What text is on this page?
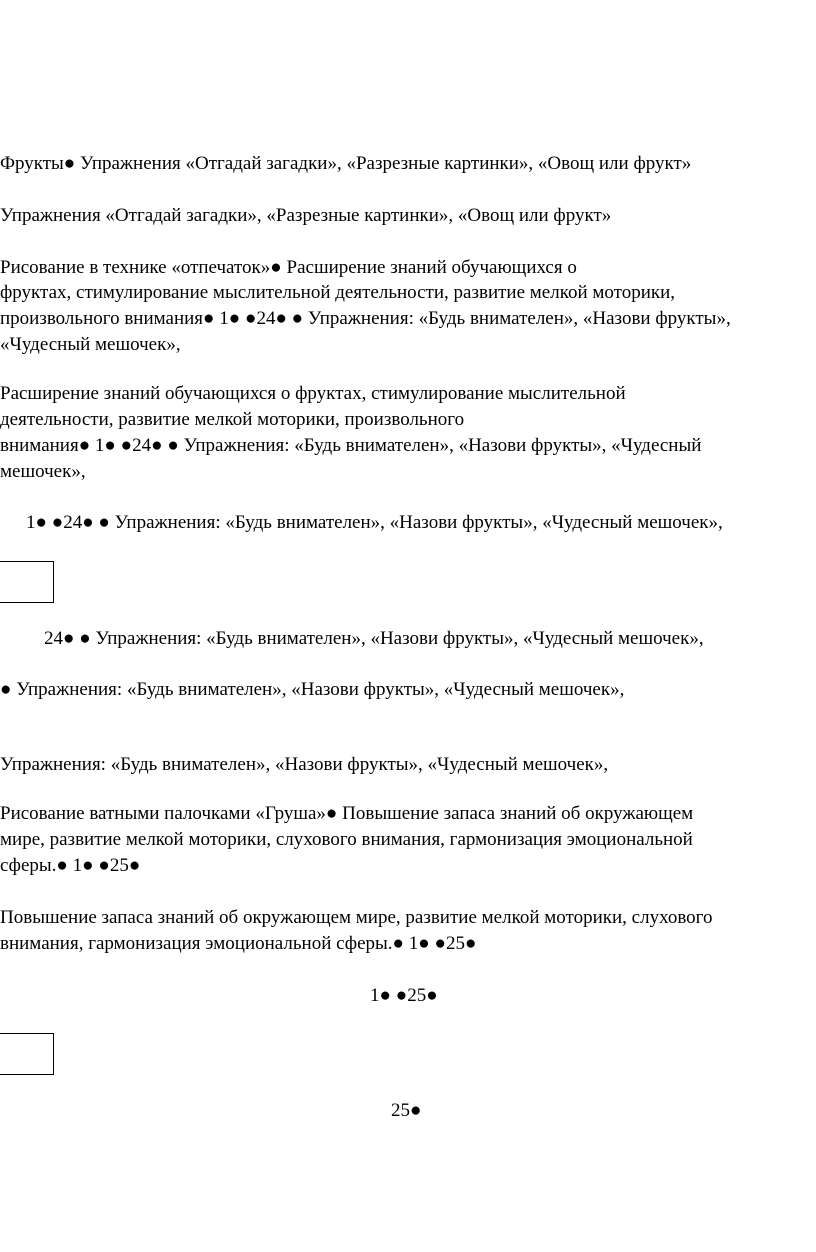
Фрукты● Упражнения «Отгадай загадки», «Разрезные картинки», «Овощ или фрукт»
Упражнения «Отгадай загадки», «Разрезные картинки», «Овощ или фрукт»
Рисование в технике «отпечаток»● Расширение знаний обучающихся о
фруктах, стимулирование мыслительной деятельности, развитие мелкой моторики,
произвольного внимания● 1● ●24● ● Упражнения: «Будь внимателен», «Назови фрукты»,
«Чудесный мешочек»,
Расширение знаний обучающихся о фруктах, стимулирование мыслительной
деятельности, развитие мелкой моторики, произвольного
внимания● 1● ●24● ● Упражнения: «Будь внимателен», «Назови фрукты», «Чудесный
мешочек»,
1● ●24● ● Упражнения: «Будь внимателен», «Назови фрукты», «Чудесный мешочек»,
24● ● Упражнения: «Будь внимателен», «Назови фрукты», «Чудесный мешочек»,
● Упражнения: «Будь внимателен», «Назови фрукты», «Чудесный мешочек»,
Упражнения: «Будь внимателен», «Назови фрукты», «Чудесный мешочек»,
Рисование ватными палочками «Груша»● Повышение запаса знаний об окружающем
мире, развитие мелкой моторики, слухового внимания, гармонизация эмоциональной
сферы.● 1● ●25●
Повышение запаса знаний об окружающем мире, развитие мелкой моторики, слухового
внимания, гармонизация эмоциональной сферы.● 1● ●25●
1● ●25●
25●
